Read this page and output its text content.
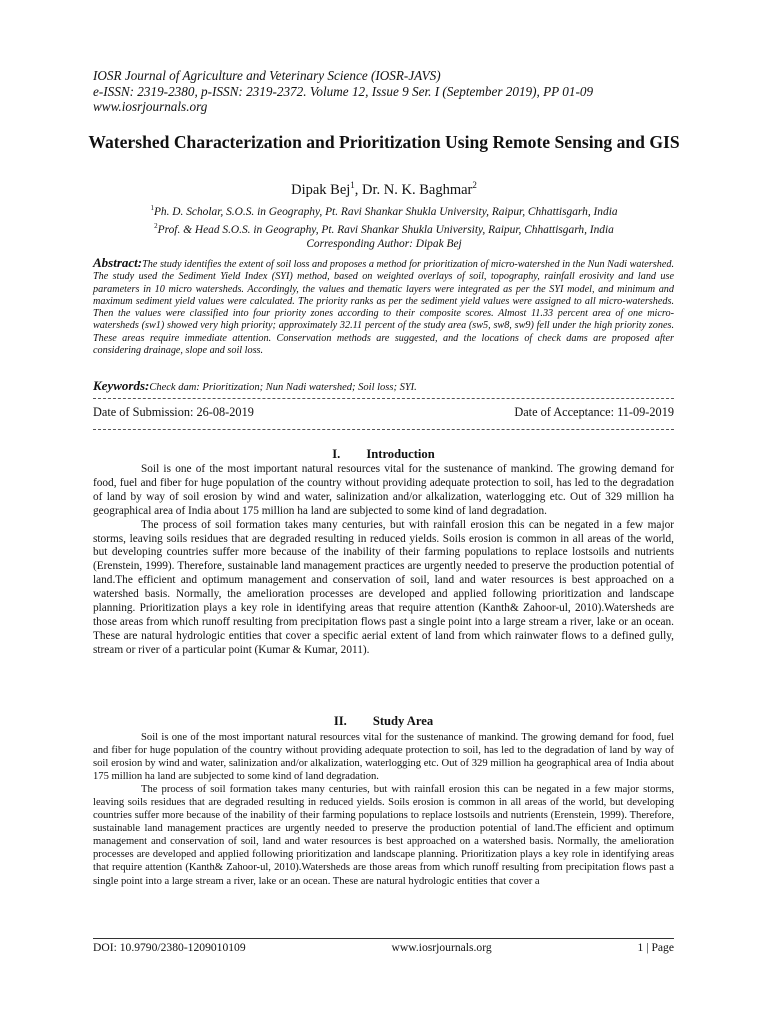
IOSR Journal of Agriculture and Veterinary Science (IOSR-JAVS)
e-ISSN: 2319-2380, p-ISSN: 2319-2372. Volume 12, Issue 9 Ser. I (September 2019), PP 01-09
www.iosrjournals.org
Watershed Characterization and Prioritization Using Remote Sensing and GIS
Dipak Bej$^1$, Dr. N. K. Baghmar$^2$
$^1$Ph. D. Scholar, S.O.S. in Geography, Pt. Ravi Shankar Shukla University, Raipur, Chhattisgarh, India
$^2$Prof. & Head S.O.S. in Geography, Pt. Ravi Shankar Shukla University, Raipur, Chhattisgarh, India
Corresponding Author: Dipak Bej
Abstract:The study identifies the extent of soil loss and proposes a method for prioritization of micro-watershed in the Nun Nadi watershed. The study used the Sediment Yield Index (SYI) method, based on weighted overlays of soil, topography, rainfall erosivity and land use parameters in 10 micro watersheds. Accordingly, the values and thematic layers were integrated as per the SYI model, and minimum and maximum sediment yield values were calculated. The priority ranks as per the sediment yield values were assigned to all micro-watersheds. Then the values were classified into four priority zones according to their composite scores. Almost 11.33 percent area of one micro-watersheds (sw1) showed very high priority; approximately 32.11 percent of the study area (sw5, sw8, sw9) fell under the high priority zones. These areas require immediate attention. Conservation methods are suggested, and the locations of check dams are proposed after considering drainage, slope and soil loss.
Keywords:Check dam: Prioritization; Nun Nadi watershed; Soil loss; SYI.
Date of Submission: 26-08-2019	Date of Acceptance: 11-09-2019
I. Introduction

Soil is one of the most important natural resources vital for the sustenance of mankind. The growing demand for food, fuel and fiber for huge population of the country without providing adequate protection to soil, has led to the degradation of land by way of soil erosion by wind and water, salinization and/or alkalization, waterlogging etc. Out of 329 million ha geographical area of India about 175 million ha land are subjected to some kind of land degradation.

The process of soil formation takes many centuries, but with rainfall erosion this can be negated in a few major storms, leaving soils residues that are degraded resulting in reduced yields. Soils erosion is common in all areas of the world, but developing countries suffer more because of the inability of their farming populations to replace lostsoils and nutrients (Erenstein, 1999). Therefore, sustainable land management practices are urgently needed to preserve the production potential of land.The efficient and optimum management and conservation of soil, land and water resources is best approached on a watershed basis. Normally, the amelioration processes are developed and applied following prioritization and landscape planning. Prioritization plays a key role in identifying areas that require attention (Kanth& Zahoor-ul, 2010).Watersheds are those areas from which runoff resulting from precipitation flows past a single point into a large stream a river, lake or an ocean. These are natural hydrologic entities that cover a specific aerial extent of land from which rainwater flows to a defined gully, stream or river of a particular point (Kumar & Kumar, 2011).

II. Study Area

Soil is one of the most important natural resources vital for the sustenance of mankind. The growing demand for food, fuel and fiber for huge population of the country without providing adequate protection to soil, has led to the degradation of land by way of soil erosion by wind and water, salinization and/or alkalization, waterlogging etc. Out of 329 million ha geographical area of India about 175 million ha land are subjected to some kind of land degradation.

The process of soil formation takes many centuries, but with rainfall erosion this can be negated in a few major storms, leaving soils residues that are degraded resulting in reduced yields. Soils erosion is common in all areas of the world, but developing countries suffer more because of the inability of their farming populations to replace lostsoils and nutrients (Erenstein, 1999). Therefore, sustainable land management practices are urgently needed to preserve the production potential of land.The efficient and optimum management and conservation of soil, land and water resources is best approached on a watershed basis. Normally, the amelioration processes are developed and applied following prioritization and landscape planning. Prioritization plays a key role in identifying areas that require attention (Kanth& Zahoor-ul, 2010).Watersheds are those areas from which runoff resulting from precipitation flows past a single point into a large stream a river, lake or an ocean. These are natural hydrologic entities that cover a

DOI: 10.9790/2380-1209010109	www.iosrjournals.org	1 | Page
